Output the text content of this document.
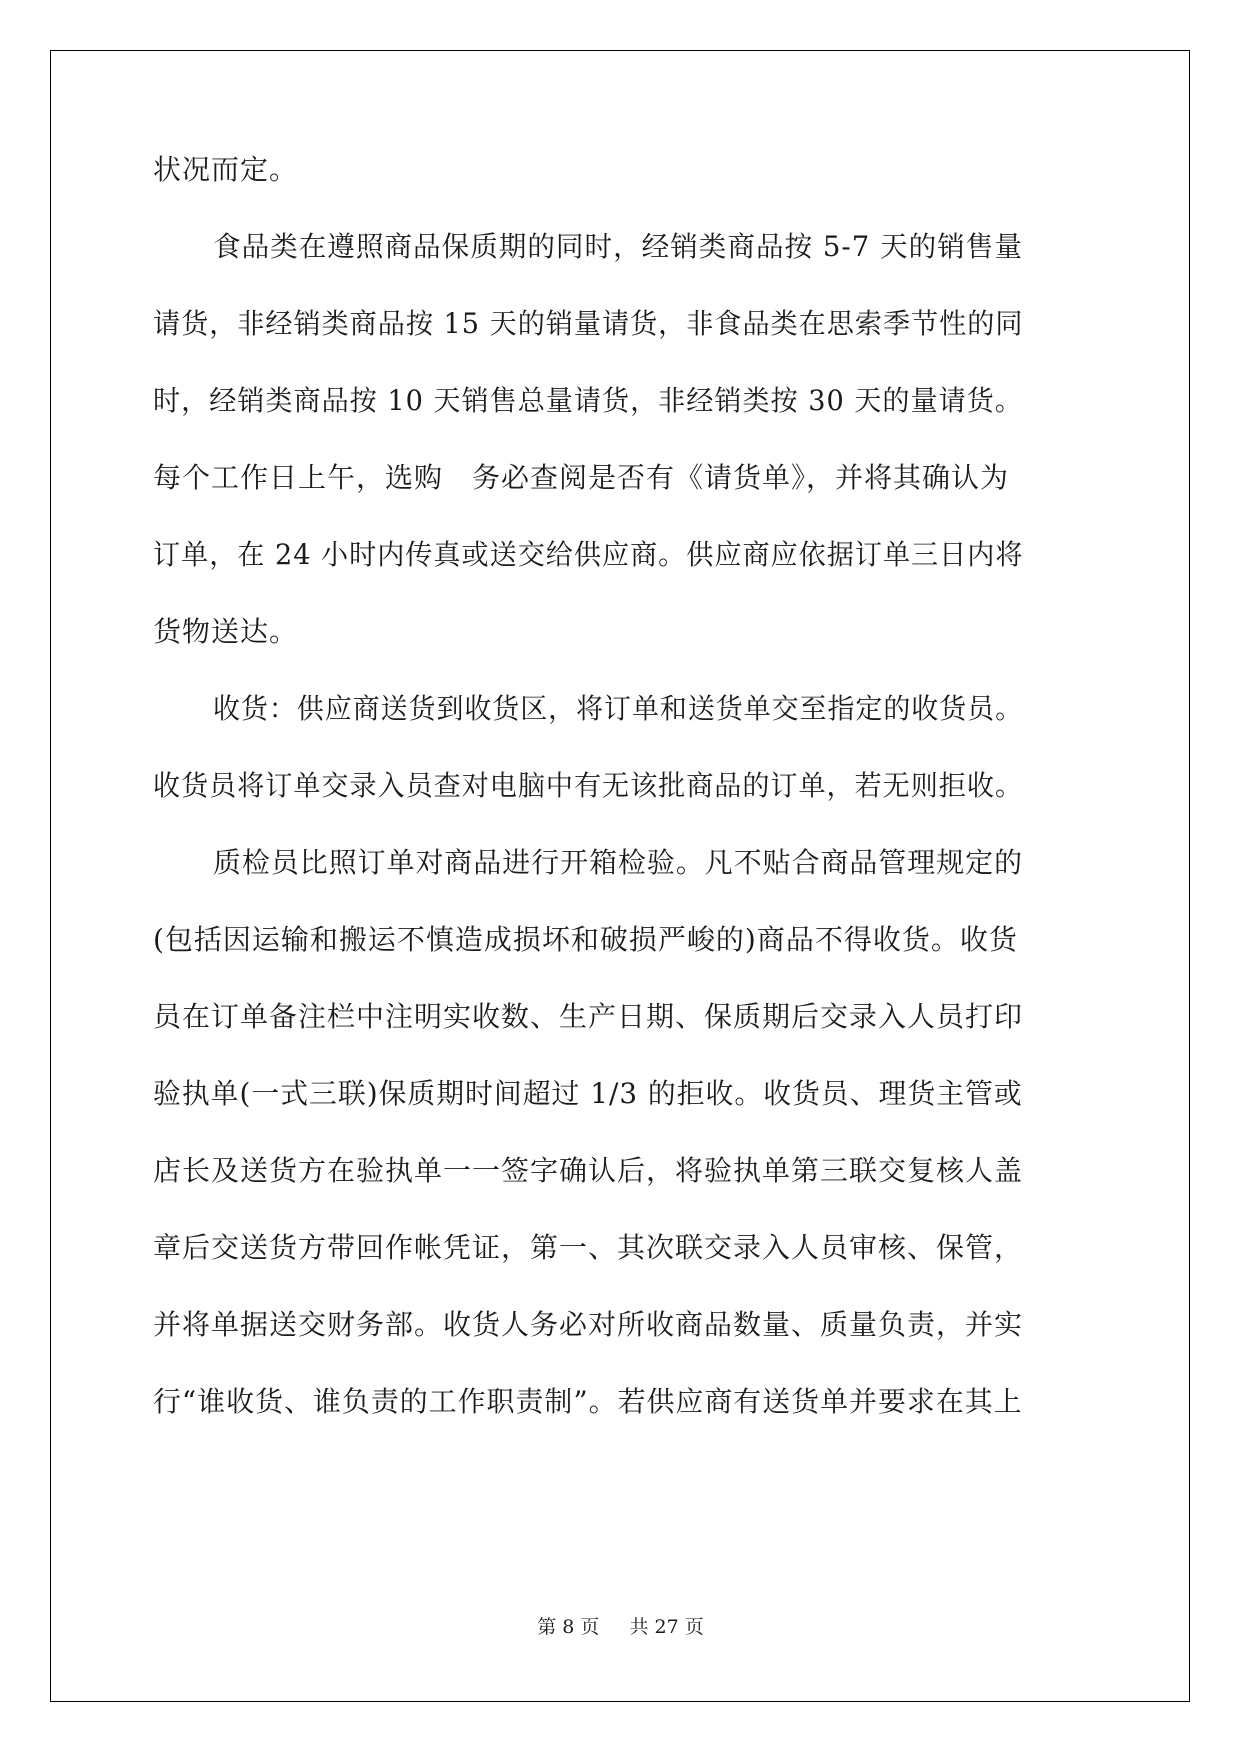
状况而定。
食品类在遵照商品保质期的同时，经销类商品按 5-7 天的销售量
请货，非经销类商品按 15 天的销量请货，非食品类在思索季节性的同
时，经销类商品按 10 天销售总量请货，非经销类按 30 天的量请货。
每个工作日上午，选购　务必查阅是否有《请货单》，并将其确认为
订单，在 24 小时内传真或送交给供应商。供应商应依据订单三日内将
货物送达。
收货：供应商送货到收货区，将订单和送货单交至指定的收货员。
收货员将订单交录入员查对电脑中有无该批商品的订单，若无则拒收。
质检员比照订单对商品进行开箱检验。凡不贴合商品管理规定的
(包括因运输和搬运不慎造成损坏和破损严峻的)商品不得收货。收货
员在订单备注栏中注明实收数、生产日期、保质期后交录入人员打印
验执单(一式三联)保质期时间超过 1/3 的拒收。收货员、理货主管或
店长及送货方在验执单一一签字确认后，将验执单第三联交复核人盖
章后交送货方带回作帐凭证，第一、其次联交录入人员审核、保管，
并将单据送交财务部。收货人务必对所收商品数量、质量负责，并实
行“谁收货、谁负责的工作职责制”。若供应商有送货单并要求在其上
第 8 页 共 27 页
